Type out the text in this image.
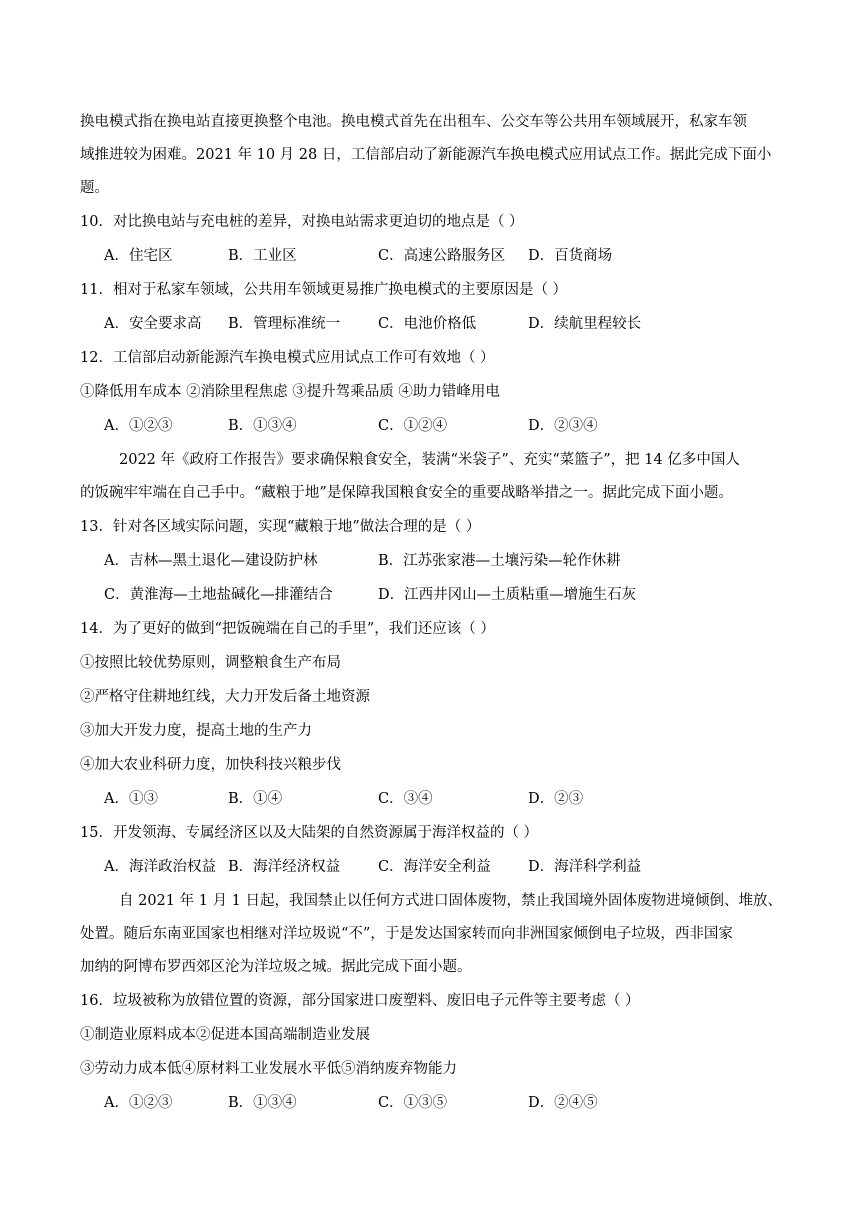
换电模式指在换电站直接更换整个电池。换电模式首先在出租车、公交车等公共用车领域展开，私家车领
域推进较为困难。2021 年 10 月 28 日，工信部启动了新能源汽车换电模式应用试点工作。据此完成下面小
题。
10．对比换电站与充电桩的差异，对换电站需求更迫切的地点是（ ）
A．住宅区	B．工业区	C．高速公路服务区 D．百货商场
11．相对于私家车领域，公共用车领域更易推广换电模式的主要原因是（ ）
A．安全要求高 B．管理标准统一	C．电池价格低	D．续航里程较长
12．工信部启动新能源汽车换电模式应用试点工作可有效地（ ）
①降低用车成本 ②消除里程焦虑 ③提升驾乘品质 ④助力错峰用电
A．①②③	B．①③④	C．①②④	D．②③④
2022 年《政府工作报告》要求确保粮食安全，装满“米袋子”、充实“菜篮子”，把 14 亿多中国人
的饭碗牢牢端在自己手中。“藏粮于地”是保障我国粮食安全的重要战略举措之一。据此完成下面小题。
13．针对各区域实际问题，实现“藏粮于地”做法合理的是（ ）
A．吉林—黑土退化—建设防护林	B．江苏张家港—土壤污染—轮作休耕
C．黄淮海—土地盐碱化—排灌结合	D．江西井冈山—土质粘重—增施生石灰
14．为了更好的做到“把饭碗端在自己的手里”，我们还应该（ ）
①按照比较优势原则，调整粮食生产布局
②严格守住耕地红线，大力开发后备土地资源
③加大开发力度，提高土地的生产力
④加大农业科研力度，加快科技兴粮步伐
A．①③	B．①④	C．③④	D．②③
15．开发领海、专属经济区以及大陆架的自然资源属于海洋权益的（ ）
A．海洋政治权益 B．海洋经济权益	C．海洋安全利益	D．海洋科学利益
自 2021 年 1 月 1 日起，我国禁止以任何方式进口固体废物，禁止我国境外固体废物进境倾倒、堆放、
处置。随后东南亚国家也相继对洋垃圾说“不”，于是发达国家转而向非洲国家倾倒电子垃圾，西非国家
加纳的阿博布罗西郊区沦为洋垃圾之城。据此完成下面小题。
16．垃圾被称为放错位置的资源，部分国家进口废塑料、废旧电子元件等主要考虑（ ）
①制造业原料成本②促进本国高端制造业发展
③劳动力成本低④原材料工业发展水平低⑤消纳废弃物能力
A．①②③	B．①③④	C．①③⑤	D．②④⑤
